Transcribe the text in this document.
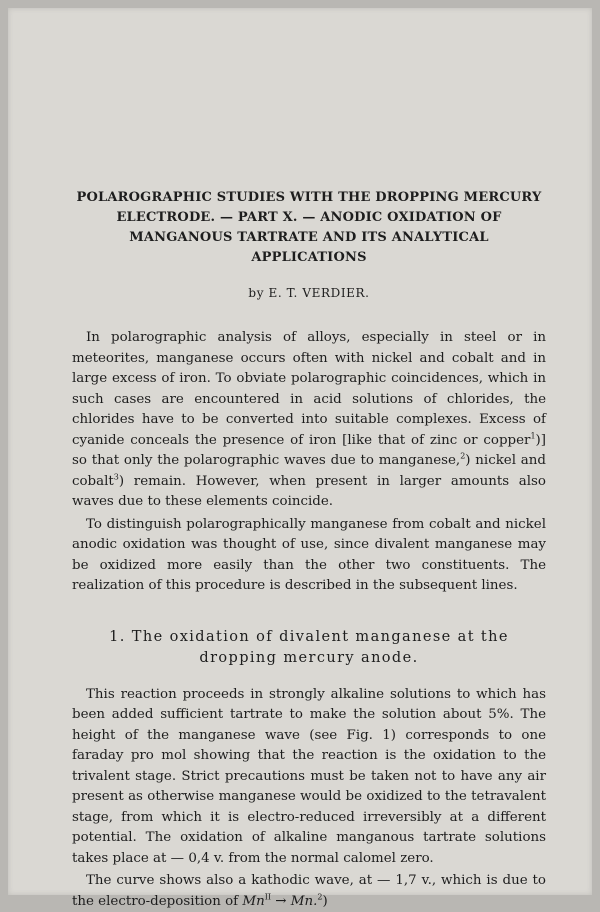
POLAROGRAPHIC STUDIES WITH THE DROPPING MERCURY ELECTRODE. — PART X. — ANODIC OXIDATION OF MANGANOUS TARTRATE AND ITS ANALYTICAL APPLICATIONS

by E. T. VERDIER.

In polarographic analysis of alloys, especially in steel or in meteorites, manganese occurs often with nickel and cobalt and in large excess of iron. To obviate polarographic coincidences, which in such cases are encountered in acid solutions of chlorides, the chlorides have to be converted into suitable complexes. Excess of cyanide conceals the presence of iron [like that of zinc or copper$^1$)] so that only the polarographic waves due to manganese,$^2$) nickel and cobalt$^3$) remain. However, when present in larger amounts also waves due to these elements coincide.

To distinguish polarographically manganese from cobalt and nickel anodic oxidation was thought of use, since divalent manganese may be oxidized more easily than the other two constituents. The realization of this procedure is described in the subsequent lines.

1. The oxidation of divalent manganese at the dropping mercury anode.

This reaction proceeds in strongly alkaline solutions to which has been added sufficient tartrate to make the solution about 5%. The height of the manganese wave (see Fig. 1) corresponds to one faraday pro mol showing that the reaction is the oxidation to the trivalent stage. Strict precautions must be taken not to have any air present as otherwise manganese would be oxidized to the tetravalent stage, from which it is electro-reduced irreversibly at a different potential. The oxidation of alkaline manganous tartrate solutions takes place at — 0,4 v. from the normal calomel zero.

The curve shows also a kathodic wave, at — 1,7 v., which is due to the electro-deposition of $Mn^{II} \to Mn.^2$)
